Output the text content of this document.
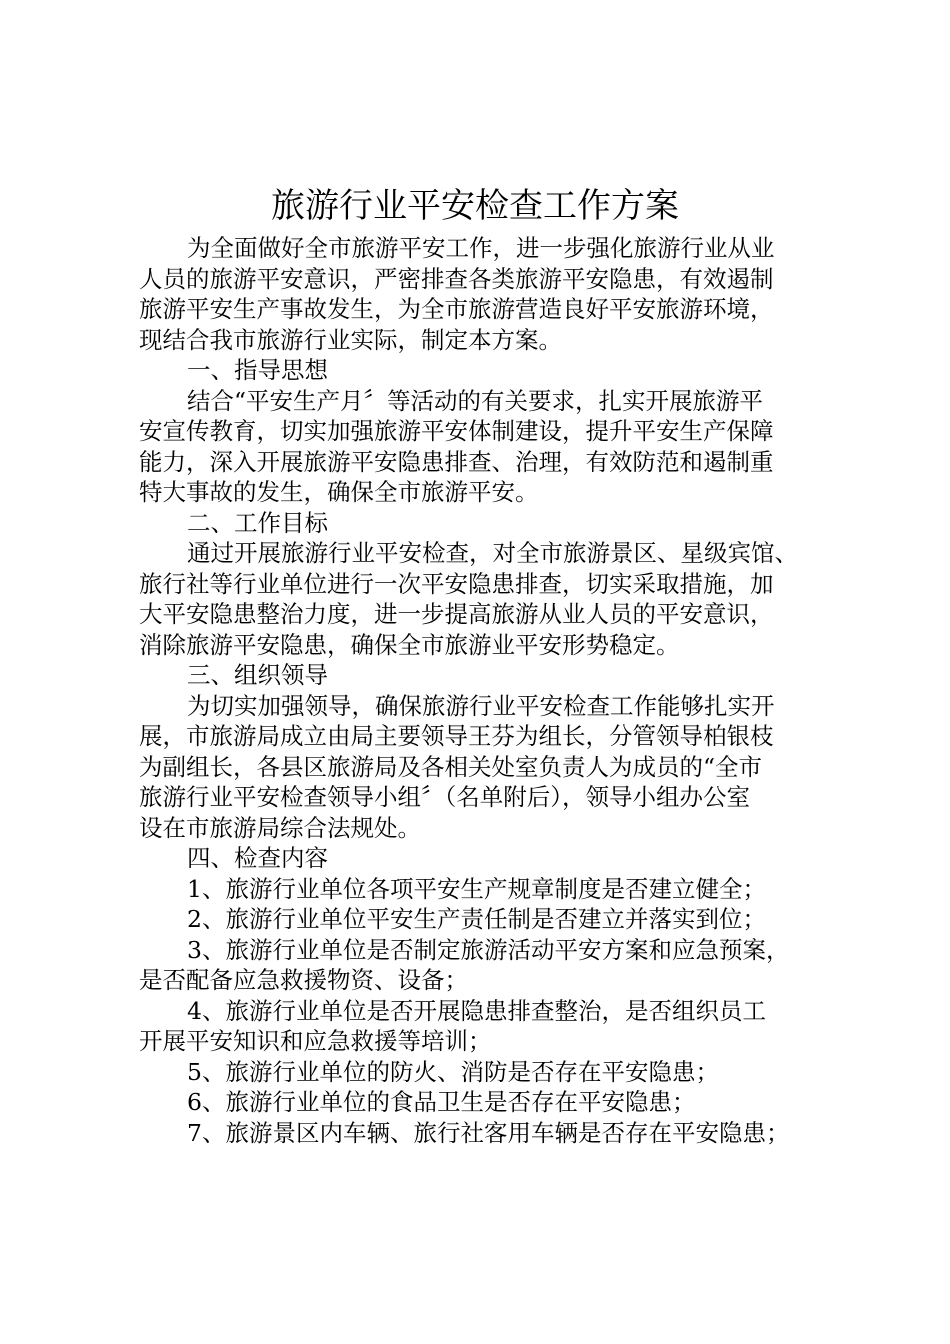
旅游行业平安检查工作方案
为全面做好全市旅游平安工作，进一步强化旅游行业从业
人员的旅游平安意识，严密排查各类旅游平安隐患，有效遏制
旅游平安生产事故发生，为全市旅游营造良好平安旅游环境，
现结合我市旅游行业实际，制定本方案。
一、指导思想
结合“平安生产月〞等活动的有关要求，扎实开展旅游平
安宣传教育，切实加强旅游平安体制建设，提升平安生产保障
能力，深入开展旅游平安隐患排查、治理，有效防范和遏制重
特大事故的发生，确保全市旅游平安。
二、工作目标
通过开展旅游行业平安检查，对全市旅游景区、星级宾馆、
旅行社等行业单位进行一次平安隐患排查，切实采取措施，加
大平安隐患整治力度，进一步提高旅游从业人员的平安意识，
消除旅游平安隐患，确保全市旅游业平安形势稳定。
三、组织领导
为切实加强领导，确保旅游行业平安检查工作能够扎实开
展，市旅游局成立由局主要领导王芬为组长，分管领导柏银枝
为副组长，各县区旅游局及各相关处室负责人为成员的“全市
旅游行业平安检查领导小组〞（名单附后），领导小组办公室
设在市旅游局综合法规处。
四、检查内容
1、旅游行业单位各项平安生产规章制度是否建立健全；
2、旅游行业单位平安生产责任制是否建立并落实到位；
3、旅游行业单位是否制定旅游活动平安方案和应急预案，
是否配备应急救援物资、设备；
4、旅游行业单位是否开展隐患排查整治，是否组织员工
开展平安知识和应急救援等培训；
5、旅游行业单位的防火、消防是否存在平安隐患；
6、旅游行业单位的食品卫生是否存在平安隐患；
7、旅游景区内车辆、旅行社客用车辆是否存在平安隐患；
